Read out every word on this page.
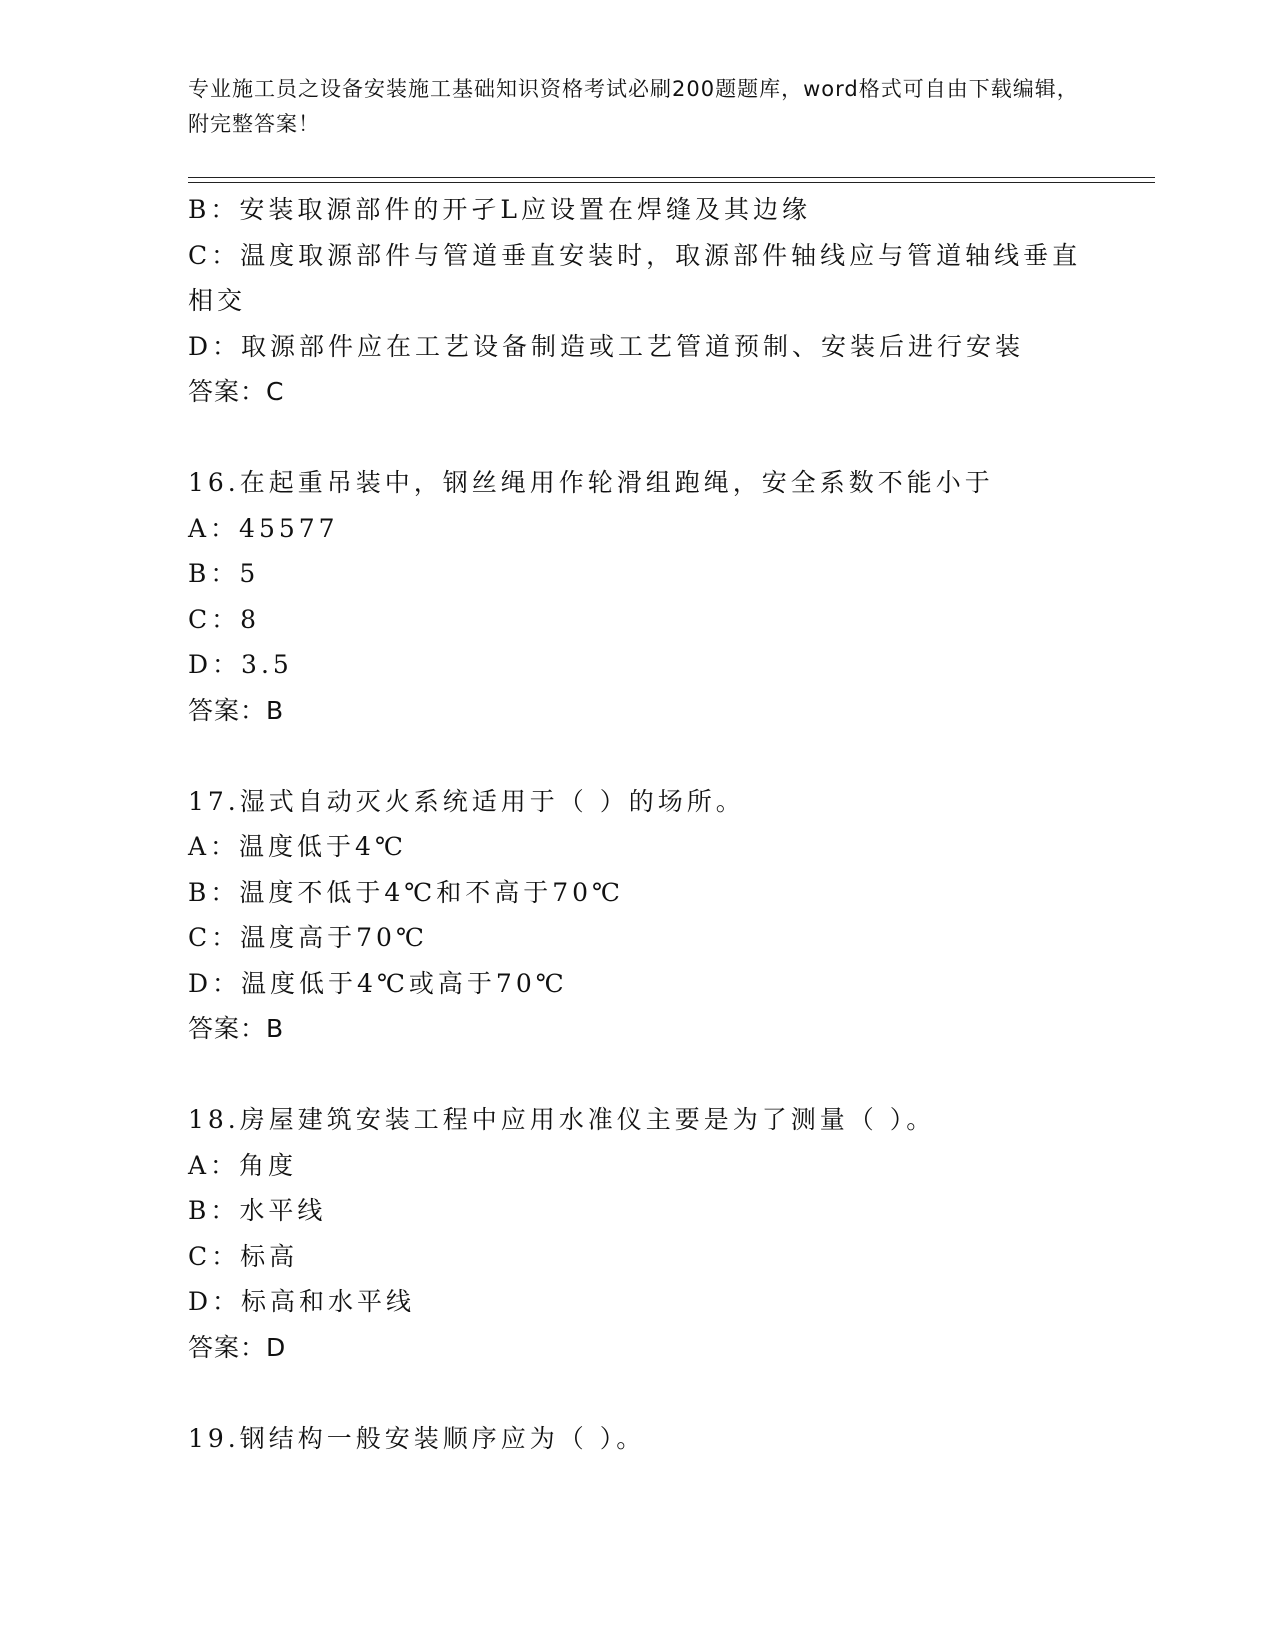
专业施工员之设备安装施工基础知识资格考试必刷200题题库，word格式可自由下载编辑，附完整答案！
B：安装取源部件的开孑L应设置在焊缝及其边缘
C：温度取源部件与管道垂直安装时，取源部件轴线应与管道轴线垂直相交
D：取源部件应在工艺设备制造或工艺管道预制、安装后进行安装
答案：C
16.在起重吊装中，钢丝绳用作轮滑组跑绳，安全系数不能小于
A：45577
B：5
C：8
D：3.5
答案：B
17.湿式自动灭火系统适用于（ ）的场所。
A：温度低于4℃
B：温度不低于4℃和不高于70℃
C：温度高于70℃
D：温度低于4℃或高于70℃
答案：B
18.房屋建筑安装工程中应用水准仪主要是为了测量（ ）。
A：角度
B：水平线
C：标高
D：标高和水平线
答案：D
19.钢结构一般安装顺序应为（ ）。
